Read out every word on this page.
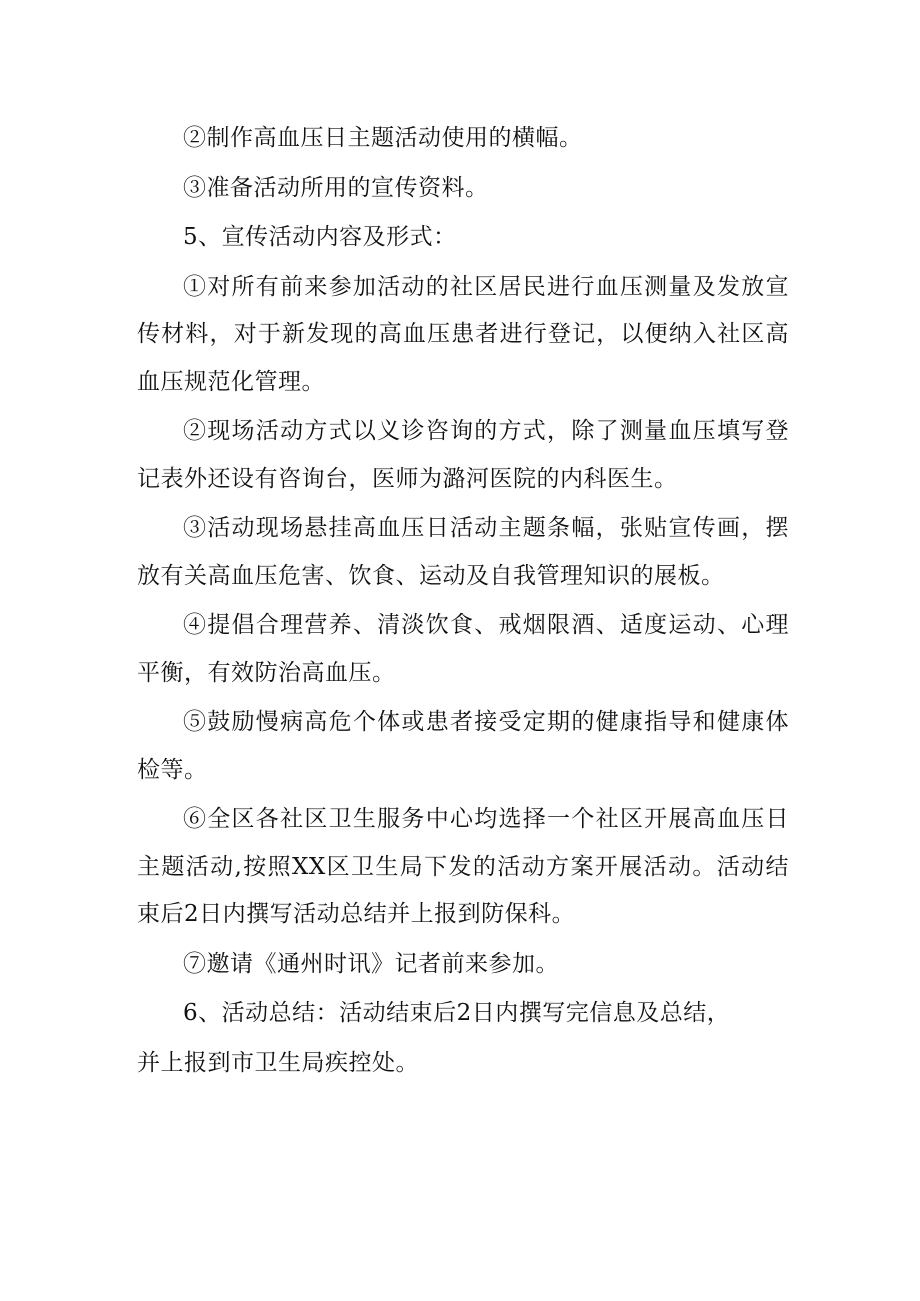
②制作高血压日主题活动使用的横幅。

③准备活动所用的宣传资料。

5、宣传活动内容及形式：

①对所有前来参加活动的社区居民进行血压测量及发放宣传材料，对于新发现的高血压患者进行登记，以便纳入社区高血压规范化管理。

②现场活动方式以义诊咨询的方式，除了测量血压填写登记表外还设有咨询台，医师为潞河医院的内科医生。

③活动现场悬挂高血压日活动主题条幅，张贴宣传画，摆放有关高血压危害、饮食、运动及自我管理知识的展板。

④提倡合理营养、清淡饮食、戒烟限酒、适度运动、心理平衡，有效防治高血压。

⑤鼓励慢病高危个体或患者接受定期的健康指导和健康体检等。

⑥全区各社区卫生服务中心均选择一个社区开展高血压日主题活动,按照XX区卫生局下发的活动方案开展活动。活动结束后2日内撰写活动总结并上报到防保科。

⑦邀请《通州时讯》记者前来参加。

6、活动总结：活动结束后2日内撰写完信息及总结，

并上报到市卫生局疾控处。
